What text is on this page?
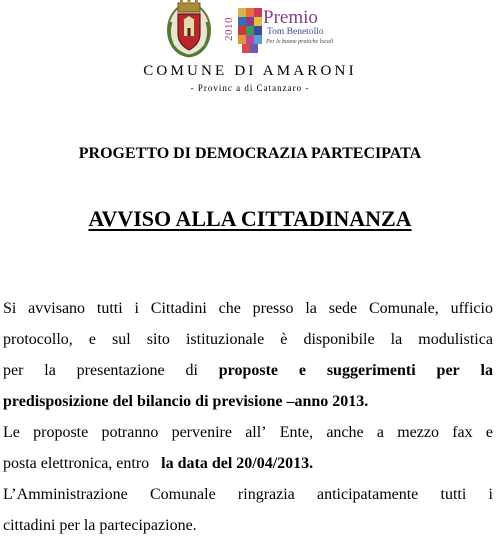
2010 Premio
Tom Benetollo
Per le buone pratiche locali
COMUNE DI AMARONI
- Provinc a di Catanzaro -
PROGETTO DI DEMOCRAZIA PARTECIPATA
AVVISO ALLA CITTADINANZA
Si avvisano tutti i Cittadini che presso la sede Comunale, ufficio
protocollo, e sul sito istituzionale è disponibile la modulistica
per la presentazione di proposte e suggerimenti per la
predisposizione del bilancio di previsione –anno 2013.
Le proposte potranno pervenire all’ Ente, anche a mezzo fax e
posta elettronica, entro la data del 20/04/2013.
L’Amministrazione Comunale ringrazia anticipatamente tutti i
cittadini per la partecipazione.
